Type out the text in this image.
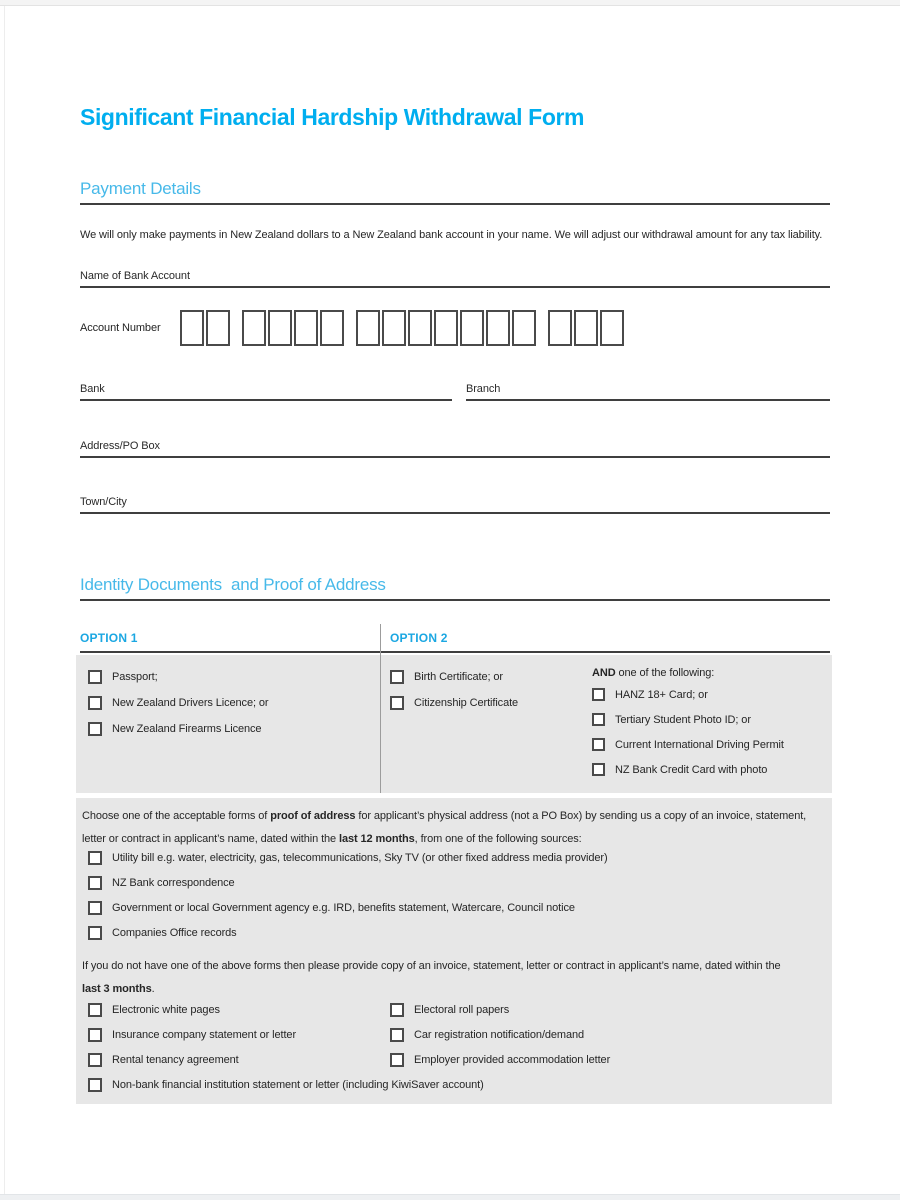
Significant Financial Hardship Withdrawal Form
Payment Details

We will only make payments in New Zealand dollars to a New Zealand bank account in your name. We will adjust our withdrawal amount for any tax liability.

Name of Bank Account
Account Number
Bank	Branch
Address/PO Box
Town/City
Identity Documents  and Proof of Address
OPTION 1	OPTION 2
Passport;
New Zealand Drivers Licence; or
New Zealand Firearms Licence
Birth Certificate; or
Citizenship Certificate
AND one of the following:
HANZ 18+ Card; or
Tertiary Student Photo ID; or
Current International Driving Permit
NZ Bank Credit Card with photo

Choose one of the acceptable forms of proof of address for applicant’s physical address (not a PO Box) by sending us a copy of an invoice, statement, letter or contract in applicant’s name, dated within the last 12 months, from one of the following sources:

Utility bill e.g. water, electricity, gas, telecommunications, Sky TV (or other fixed address media provider)
NZ Bank correspondence
Government or local Government agency e.g. IRD, benefits statement, Watercare, Council notice
Companies Office records

If you do not have one of the above forms then please provide copy of an invoice, statement, letter or contract in applicant’s name, dated within the last 3 months.

Electronic white pages
Insurance company statement or letter
Rental tenancy agreement
Non-bank financial institution statement or letter (including KiwiSaver account)
Electoral roll papers
Car registration notification/demand
Employer provided accommodation letter
